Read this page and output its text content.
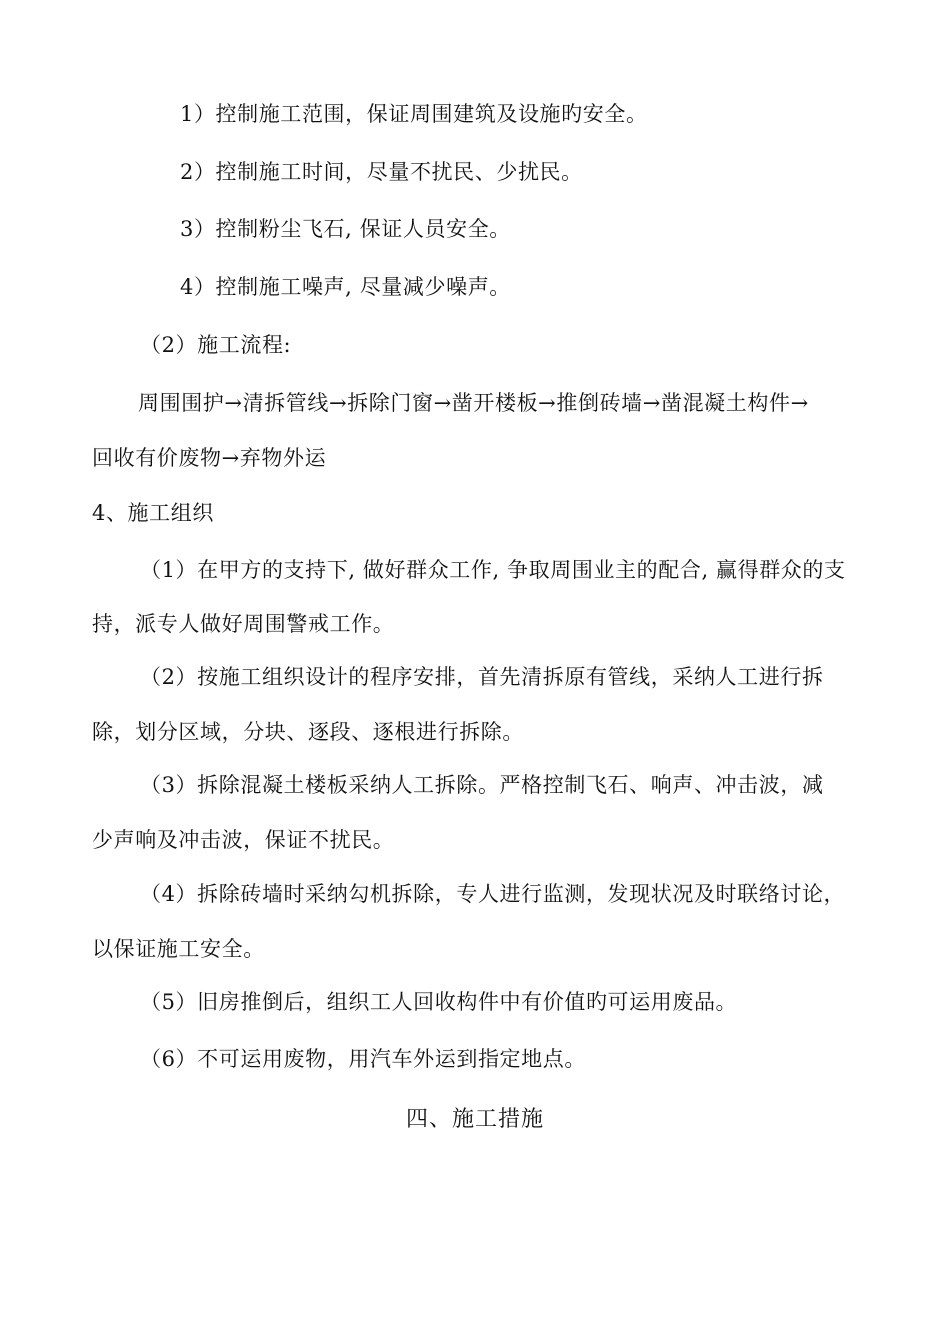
1）控制施工范围，保证周围建筑及设施旳安全。
2）控制施工时间，尽量不扰民、少扰民。
3）控制粉尘飞石, 保证人员安全。
4）控制施工噪声, 尽量减少噪声。
（2）施工流程:
周围围护→清拆管线→拆除门窗→凿开楼板→推倒砖墙→凿混凝土构件→
回收有价废物→弃物外运
4、施工组织
（1）在甲方的支持下, 做好群众工作, 争取周围业主的配合, 赢得群众的支
持，派专人做好周围警戒工作。
（2）按施工组织设计的程序安排，首先清拆原有管线，采纳人工进行拆
除，划分区域，分块、逐段、逐根进行拆除。
（3）拆除混凝土楼板采纳人工拆除。严格控制飞石、响声、冲击波，减
少声响及冲击波，保证不扰民。
（4）拆除砖墙时采纳勾机拆除，专人进行监测，发现状况及时联络讨论，
以保证施工安全。
（5）旧房推倒后，组织工人回收构件中有价值旳可运用废品。
（6）不可运用废物，用汽车外运到指定地点。
四、施工措施
